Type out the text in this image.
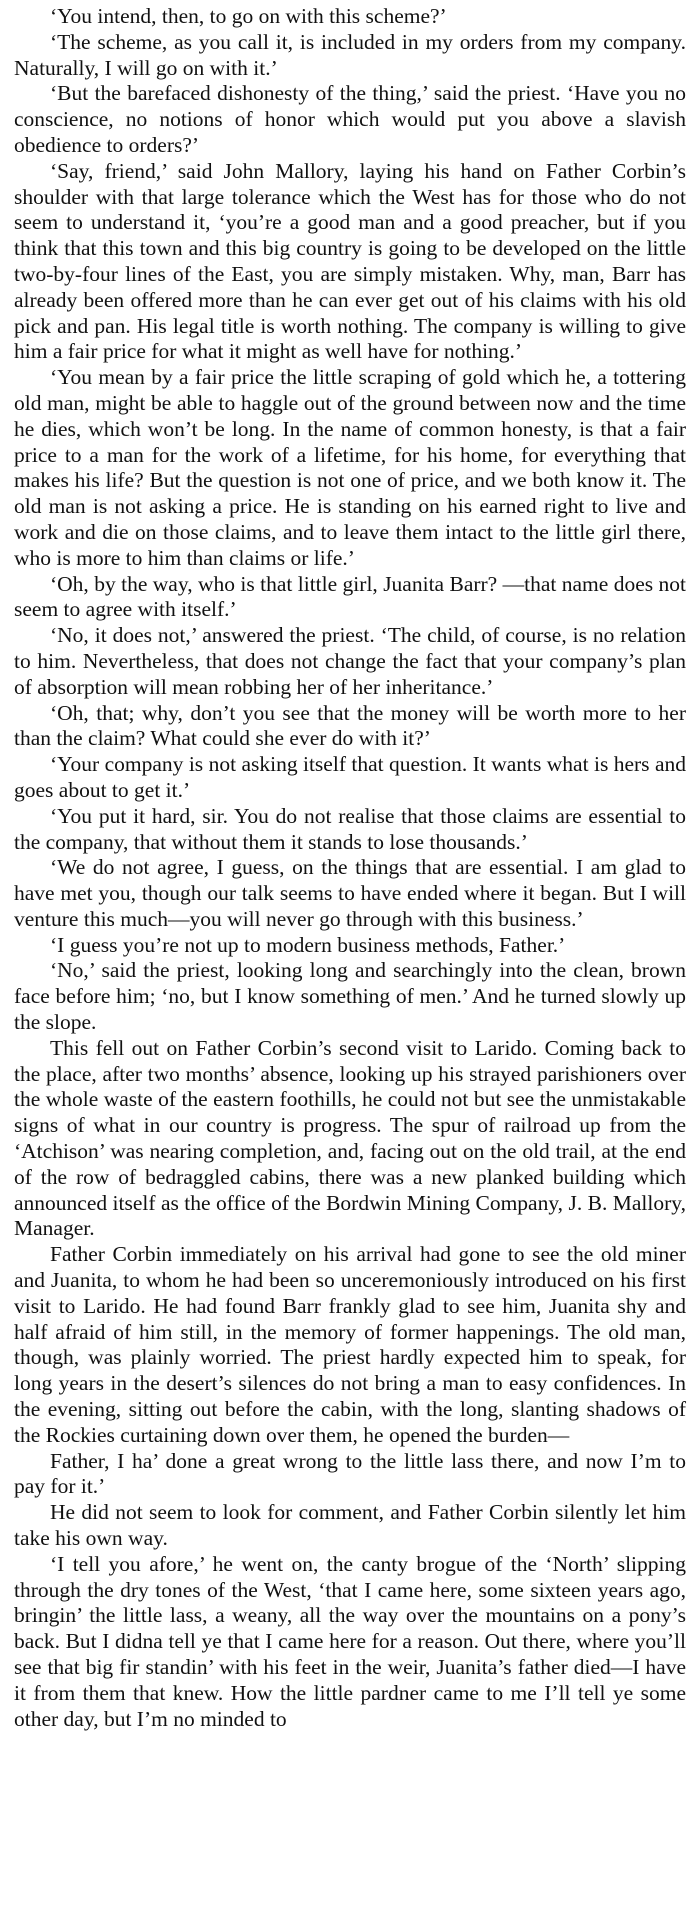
‘You intend, then, to go on with this scheme?’

‘The scheme, as you call it, is included in my orders from my company. Naturally, I will go on with it.’

‘But the barefaced dishonesty of the thing,’ said the priest. ‘Have you no conscience, no notions of honor which would put you above a slavish obedience to orders?’

‘Say, friend,’ said John Mallory, laying his hand on Father Corbin’s shoulder with that large tolerance which the West has for those who do not seem to understand it, ‘you’re a good man and a good preacher, but if you think that this town and this big country is going to be developed on the little two-by-four lines of the East, you are simply mistaken. Why, man, Barr has already been offered more than he can ever get out of his claims with his old pick and pan. His legal title is worth nothing. The company is willing to give him a fair price for what it might as well have for nothing.’

‘You mean by a fair price the little scraping of gold which he, a tottering old man, might be able to haggle out of the ground between now and the time he dies, which won’t be long. In the name of common honesty, is that a fair price to a man for the work of a lifetime, for his home, for everything that makes his life? But the question is not one of price, and we both know it. The old man is not asking a price. He is standing on his earned right to live and work and die on those claims, and to leave them intact to the little girl there, who is more to him than claims or life.’

‘Oh, by the way, who is that little girl, Juanita Barr? —that name does not seem to agree with itself.’

‘No, it does not,’ answered the priest. ‘The child, of course, is no relation to him. Nevertheless, that does not change the fact that your company’s plan of absorption will mean robbing her of her inheritance.’

‘Oh, that; why, don’t you see that the money will be worth more to her than the claim? What could she ever do with it?’

‘Your company is not asking itself that question. It wants what is hers and goes about to get it.’

‘You put it hard, sir. You do not realise that those claims are essential to the company, that without them it stands to lose thousands.’

‘We do not agree, I guess, on the things that are essential. I am glad to have met you, though our talk seems to have ended where it began. But I will venture this much—you will never go through with this business.’

‘I guess you’re not up to modern business methods, Father.’

‘No,’ said the priest, looking long and searchingly into the clean, brown face before him; ‘no, but I know something of men.’ And he turned slowly up the slope.

This fell out on Father Corbin’s second visit to Larido. Coming back to the place, after two months’ absence, looking up his strayed parishioners over the whole waste of the eastern foothills, he could not but see the unmistakable signs of what in our country is progress. The spur of railroad up from the ‘Atchison’ was nearing completion, and, facing out on the old trail, at the end of the row of bedraggled cabins, there was a new planked building which announced itself as the office of the Bordwin Mining Company, J. B. Mallory, Manager.

Father Corbin immediately on his arrival had gone to see the old miner and Juanita, to whom he had been so unceremoniously introduced on his first visit to Larido. He had found Barr frankly glad to see him, Juanita shy and half afraid of him still, in the memory of former happenings. The old man, though, was plainly worried. The priest hardly expected him to speak, for long years in the desert’s silences do not bring a man to easy confidences. In the evening, sitting out before the cabin, with the long, slanting shadows of the Rockies curtaining down over them, he opened the burden—

Father, I ha’ done a great wrong to the little lass there, and now I’m to pay for it.’

He did not seem to look for comment, and Father Corbin silently let him take his own way.

‘I tell you afore,’ he went on, the canty brogue of the ‘North’ slipping through the dry tones of the West, ‘that I came here, some sixteen years ago, bringin’ the little lass, a weany, all the way over the mountains on a pony’s back. But I didna tell ye that I came here for a reason. Out there, where you’ll see that big fir standin’ with his feet in the weir, Juanita’s father died—I have it from them that knew. How the little pardner came to me I’ll tell ye some other day, but I’m no minded to
